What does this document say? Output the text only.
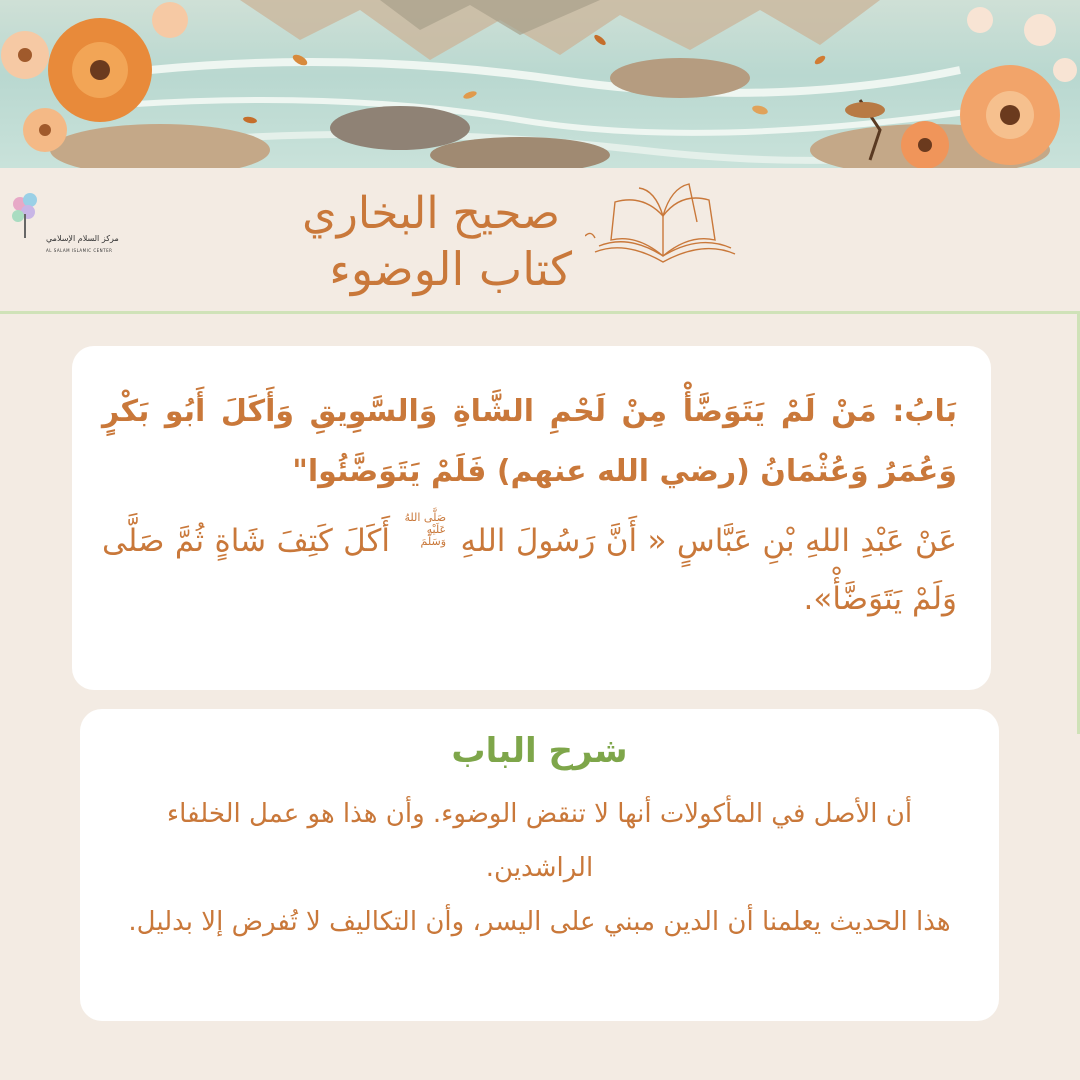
مركز السلام الإسلامي
AL SALAM ISLAMIC CENTER
صحيح البخاري
كتاب الوضوء
بَابُ: مَنْ لَمْ يَتَوَضَّأْ مِنْ لَحْمِ الشَّاةِ وَالسَّوِيقِ وَأَكَلَ أَبُو بَكْرٍ وَعُمَرُ وَعُثْمَانُ (رضي الله عنهم) فَلَمْ يَتَوَضَّئُوا"
عَنْ عَبْدِ اللهِ بْنِ عَبَّاسٍ « أَنَّ رَسُولَ اللهِ صَلَّى اللهُ
عَلَيْهِ
وَسَلَّمَ أَكَلَ كَتِفَ شَاةٍ ثُمَّ صَلَّى وَلَمْ يَتَوَضَّأْ».
شرح الباب

أن الأصل في المأكولات أنها لا تنقض الوضوء. وأن هذا هو عمل الخلفاء الراشدين.

هذا الحديث يعلمنا أن الدين مبني على اليسر، وأن التكاليف لا تُفرض إلا بدليل.
